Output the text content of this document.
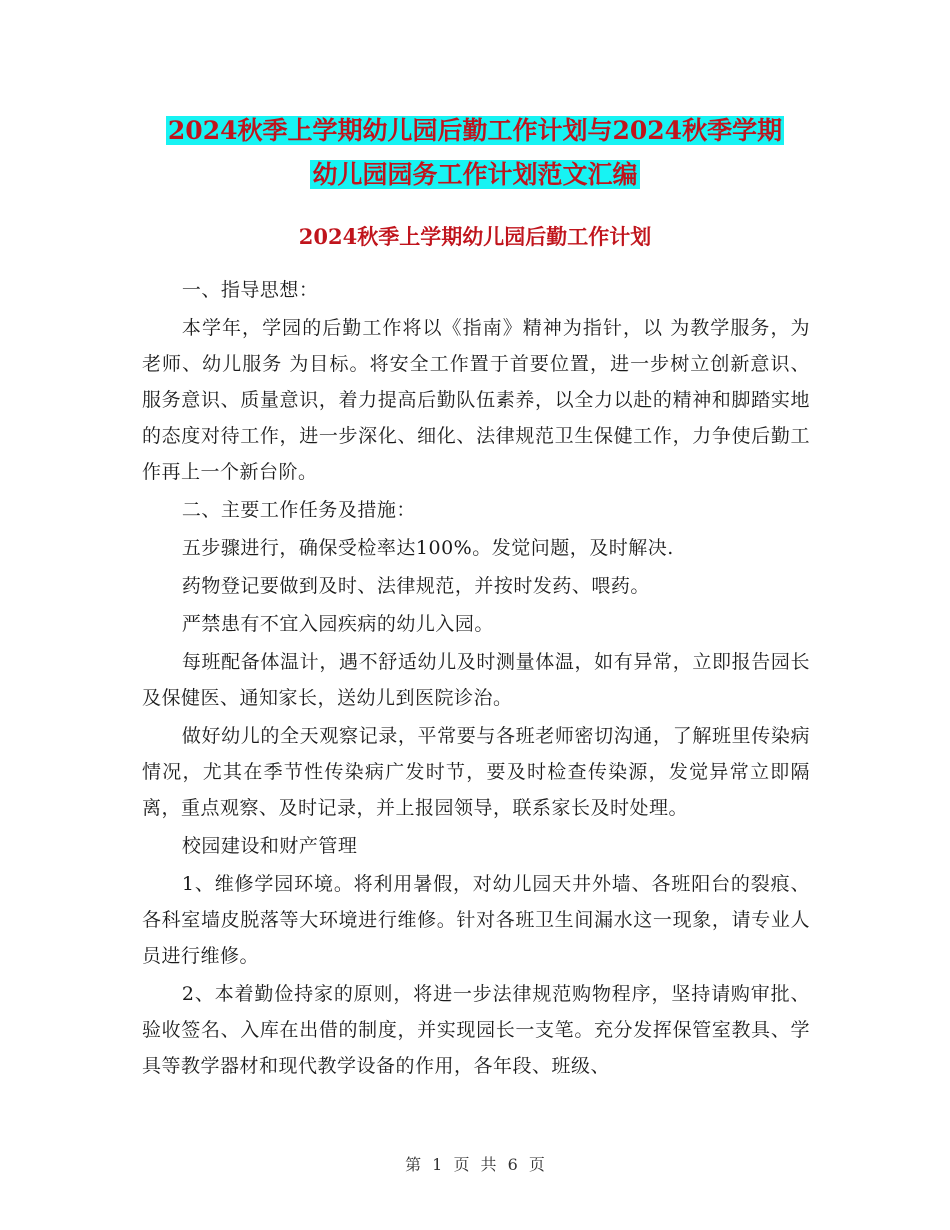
2024秋季上学期幼儿园后勤工作计划与2024秋季学期
幼儿园园务工作计划范文汇编
2024秋季上学期幼儿园后勤工作计划

一、指导思想：

本学年，学园的后勤工作将以《指南》精神为指针，以 为教学服务，为老师、幼儿服务 为目标。将安全工作置于首要位置，进一步树立创新意识、服务意识、质量意识，着力提高后勤队伍素养，以全力以赴的精神和脚踏实地的态度对待工作，进一步深化、细化、法律规范卫生保健工作，力争使后勤工作再上一个新台阶。

二、主要工作任务及措施：

五步骤进行，确保受检率达100%。发觉问题，及时解决.

药物登记要做到及时、法律规范，并按时发药、喂药。

严禁患有不宜入园疾病的幼儿入园。

每班配备体温计，遇不舒适幼儿及时测量体温，如有异常，立即报告园长及保健医、通知家长，送幼儿到医院诊治。

做好幼儿的全天观察记录，平常要与各班老师密切沟通，了解班里传染病情况，尤其在季节性传染病广发时节，要及时检查传染源，发觉异常立即隔离，重点观察、及时记录，并上报园领导，联系家长及时处理。

校园建设和财产管理

1、维修学园环境。将利用暑假，对幼儿园天井外墙、各班阳台的裂痕、各科室墙皮脱落等大环境进行维修。针对各班卫生间漏水这一现象，请专业人员进行维修。

2、本着勤俭持家的原则，将进一步法律规范购物程序，坚持请购审批、验收签名、入库在出借的制度，并实现园长一支笔。充分发挥保管室教具、学具等教学器材和现代教学设备的作用，各年段、班级、

第 1 页 共 6 页
